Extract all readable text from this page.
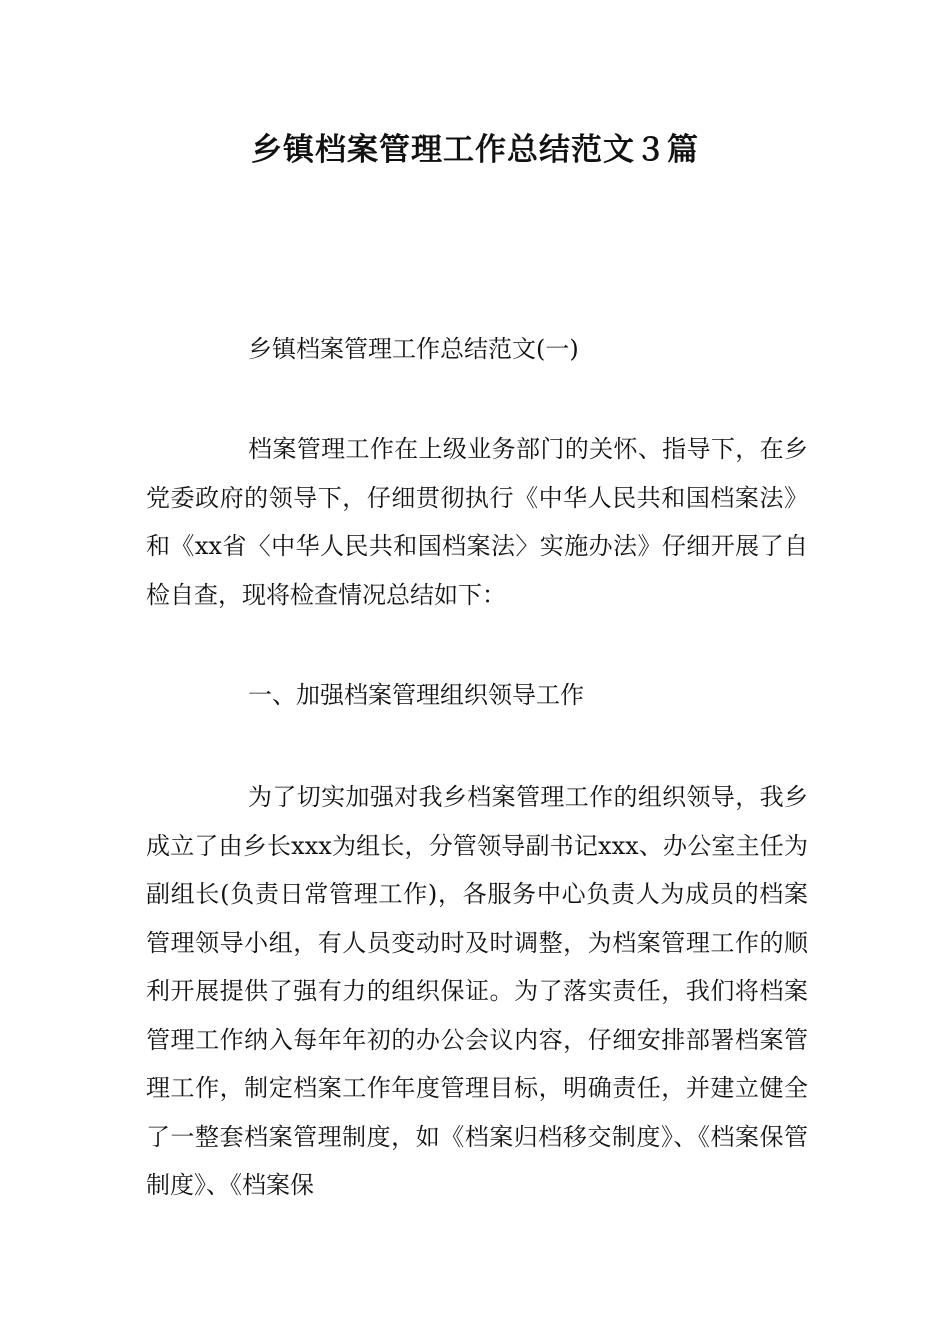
乡镇档案管理工作总结范文３篇

乡镇档案管理工作总结范文(一)

档案管理工作在上级业务部门的关怀、指导下，在乡党委政府的领导下，仔细贯彻执行《中华人民共和国档案法》和《xx省〈中华人民共和国档案法〉实施办法》仔细开展了自检自查，现将检查情况总结如下：

一、加强档案管理组织领导工作

为了切实加强对我乡档案管理工作的组织领导，我乡成立了由乡长xxx为组长，分管领导副书记xxx、办公室主任为副组长(负责日常管理工作)，各服务中心负责人为成员的档案管理领导小组，有人员变动时及时调整，为档案管理工作的顺利开展提供了强有力的组织保证。为了落实责任，我们将档案管理工作纳入每年年初的办公会议内容，仔细安排部署档案管理工作，制定档案工作年度管理目标，明确责任，并建立健全了一整套档案管理制度，如《档案归档移交制度》、《档案保管制度》、《档案保
